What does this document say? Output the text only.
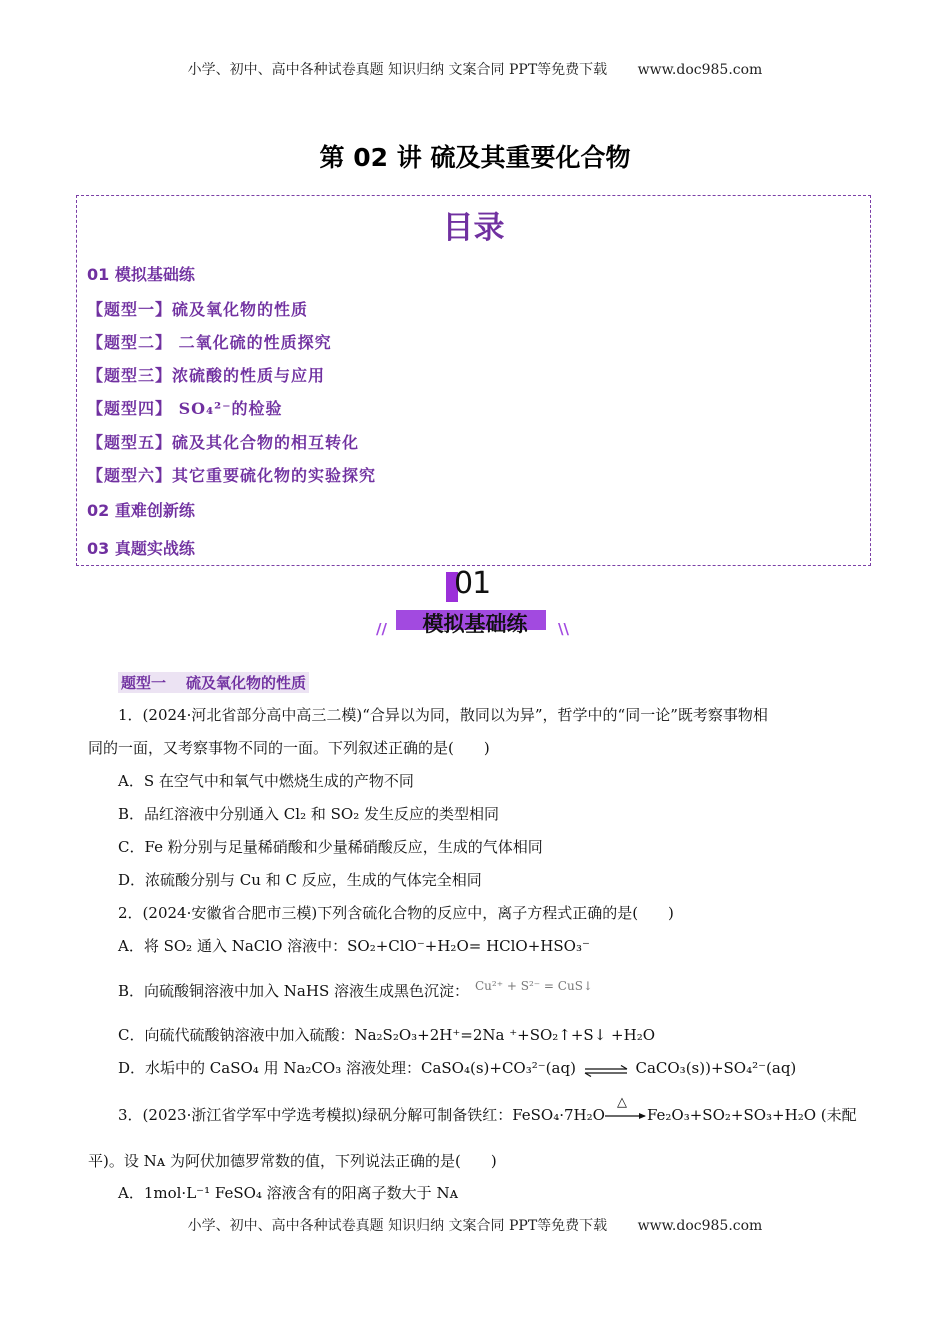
小学、初中、高中各种试卷真题 知识归纳 文案合同 PPT等免费下载 www.doc985.com
第 02 讲 硫及其重要化合物
目录
01 模拟基础练
【题型一】硫及氧化物的性质
【题型二】 二氧化硫的性质探究
【题型三】浓硫酸的性质与应用
【题型四】 SO₄²⁻的检验
【题型五】硫及其化合物的相互转化
【题型六】其它重要硫化物的实验探究
02 重难创新练
03 真题实战练
01
模拟基础练
//	\\
题型一 硫及氧化物的性质
1．(2024·河北省部分高中高三二模)“合异以为同，散同以为异”，哲学中的“同一论”既考察事物相
同的一面，又考察事物不同的一面。下列叙述正确的是(　　)
A．S 在空气中和氧气中燃烧生成的产物不同
B．品红溶液中分别通入 Cl₂ 和 SO₂ 发生反应的类型相同
C．Fe 粉分别与足量稀硝酸和少量稀硝酸反应，生成的气体相同
D．浓硫酸分别与 Cu 和 C 反应，生成的气体完全相同
2．(2024·安徽省合肥市三模)下列含硫化合物的反应中，离子方程式正确的是(　　)
A．将 SO₂ 通入 NaClO 溶液中：SO₂+ClO⁻+H₂O= HClO+HSO₃⁻
B．向硫酸铜溶液中加入 NaHS 溶液生成黑色沉淀： Cu²⁺ + S²⁻ = CuS↓
C．向硫代硫酸钠溶液中加入硫酸：Na₂S₂O₃+2H⁺=2Na ⁺+SO₂↑+S↓ +H₂O
D．水垢中的 CaSO₄ 用 Na₂CO₃ 溶液处理：CaSO₄(s)+CO₃²⁻(aq) ⇌ CaCO₃(s))+SO₄²⁻(aq)
3．(2023·浙江省学军中学选考模拟)绿矾分解可制备铁红：FeSO₄·7H₂O
△
Fe₂O₃+SO₂+SO₃+H₂O (未配
平)。设 Nᴀ 为阿伏加德罗常数的值，下列说法正确的是(　　)
A．1mol·L⁻¹ FeSO₄ 溶液含有的阳离子数大于 Nᴀ
小学、初中、高中各种试卷真题 知识归纳 文案合同 PPT等免费下载 www.doc985.com
